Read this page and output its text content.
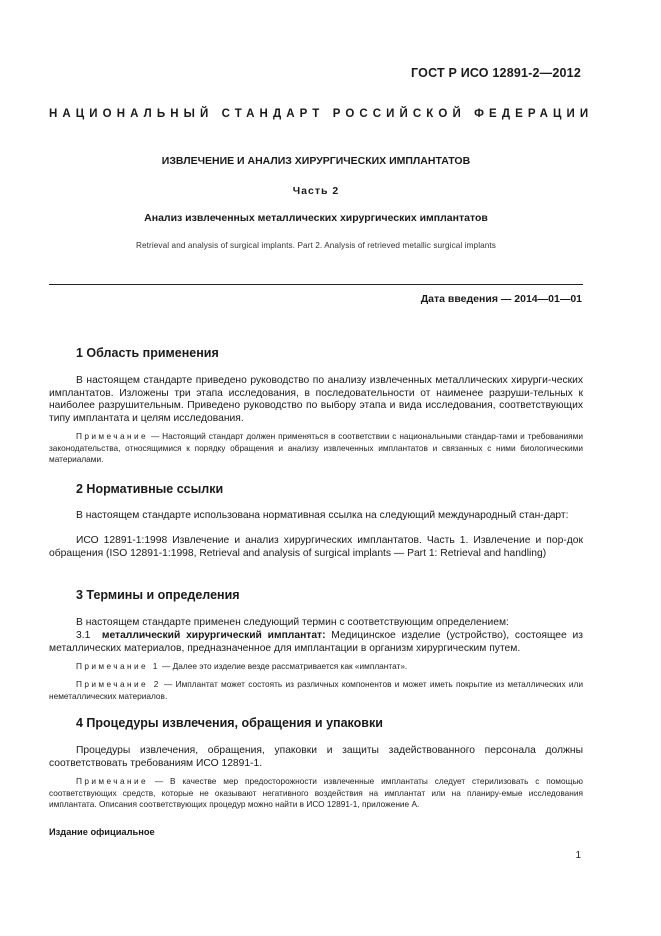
ГОСТ Р ИСО 12891-2—2012
НАЦИОНАЛЬНЫЙ СТАНДАРТ РОССИЙСКОЙ ФЕДЕРАЦИИ
ИЗВЛЕЧЕНИЕ И АНАЛИЗ ХИРУРГИЧЕСКИХ ИМПЛАНТАТОВ
Часть 2
Анализ извлеченных металлических хирургических имплантатов
Retrieval and analysis of surgical implants. Part 2. Analysis of retrieved metallic surgical implants
Дата введения — 2014—01—01
1 Область применения
В настоящем стандарте приведено руководство по анализу извлеченных металлических хирурги-ческих имплантатов. Изложены три этапа исследования, в последовательности от наименее разруши-тельных к наиболее разрушительным. Приведено руководство по выбору этапа и вида исследования, соответствующих типу имплантата и целям исследования.
Примечание — Настоящий стандарт должен применяться в соответствии с национальными стандар-тами и требованиями законодательства, относящимися к порядку обращения и анализу извлеченных имплантатов и связанных с ними биологическими материалами.
2 Нормативные ссылки
В настоящем стандарте использована нормативная ссылка на следующий международный стан-дарт:
ИСО 12891-1:1998 Извлечение и анализ хирургических имплантатов. Часть 1. Извлечение и пор-док обращения (ISO 12891-1:1998, Retrieval and analysis of surgical implants — Part 1: Retrieval and handling)
3 Термины и определения
В настоящем стандарте применен следующий термин с соответствующим определением:
3.1 металлический хирургический имплантат: Медицинское изделие (устройство), состоящее из металлических материалов, предназначенное для имплантации в организм хирургическим путем.
Примечание 1 — Далее это изделие везде рассматривается как «имплантат».
Примечание 2 — Имплантат может состоять из различных компонентов и может иметь покрытие из металлических или неметаллических материалов.
4 Процедуры извлечения, обращения и упаковки
Процедуры извлечения, обращения, упаковки и защиты задействованного персонала должны соответствовать требованиям ИСО 12891-1.
Примечание — В качестве мер предосторожности извлеченные имплантаты следует стерилизовать с помощью соответствующих средств, которые не оказывают негативного воздействия на имплантат или на планиру-емые исследования имплантата. Описания соответствующих процедур можно найти в ИСО 12891-1, приложение А.
Издание официальное
1
